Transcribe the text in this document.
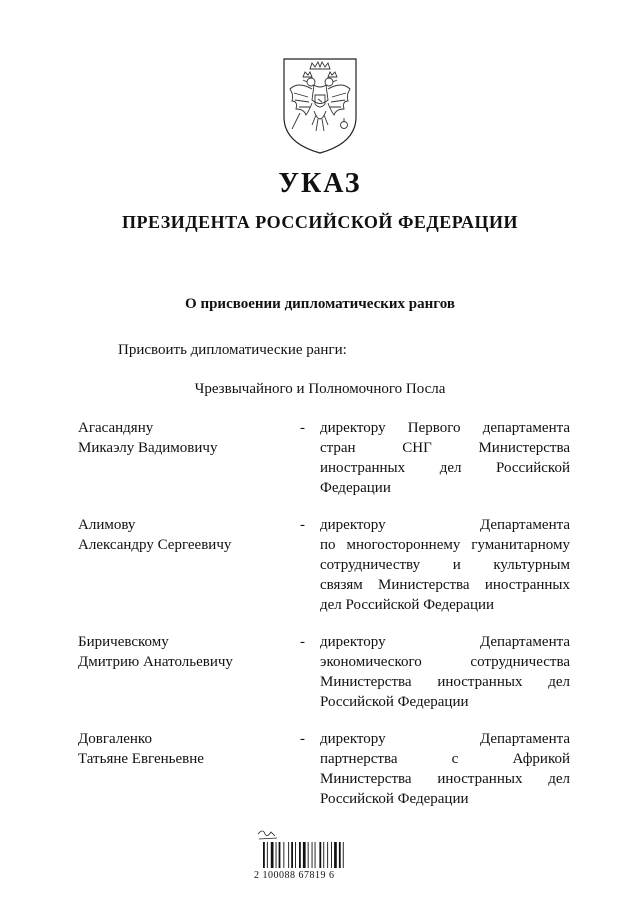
УКАЗ
ПРЕЗИДЕНТА РОССИЙСКОЙ ФЕДЕРАЦИИ
О присвоении дипломатических рангов
Присвоить дипломатические ранги:
Чрезвычайного и Полномочного Посла
Агасандяну
Микаэлу Вадимовичу
- директору Первого департамента
стран СНГ Министерства
иностранных дел Российской
Федерации
Алимову
Александру Сергеевичу
- директору Департамента
по многостороннему гуманитарному
сотрудничеству и культурным
связям Министерства иностранных
дел Российской Федерации
Биричевскому
Дмитрию Анатольевичу
- директору Департамента
экономического сотрудничества
Министерства иностранных дел
Российской Федерации
Довгаленко
Татьяне Евгеньевне
- директору Департамента
партнерства с Африкой
Министерства иностранных дел
Российской Федерации
2 100088 67819 6
